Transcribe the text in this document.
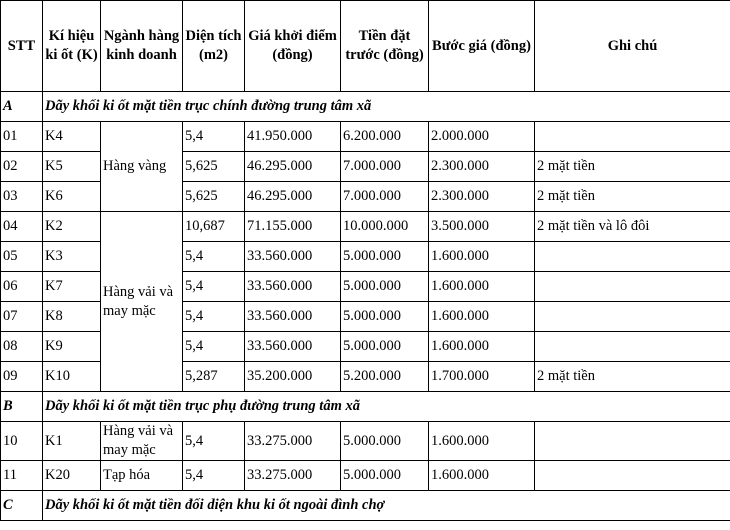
STT	Kí hiệu ki ốt (K)	Ngành hàng kinh doanh	Diện tích (m2)	Giá khởi điểm (đồng)	Tiền đặt trước (đồng)	Bước giá (đồng)	Ghi chú
A	Dãy khối ki ốt mặt tiền trục chính đường trung tâm xã						
01	K4	Hàng vàng	5,4	41.950.000	6.200.000	2.000.000	
02	K5		5,625	46.295.000	7.000.000	2.300.000	2 mặt tiền
03	K6		5,625	46.295.000	7.000.000	2.300.000	2 mặt tiền
04	K2	Hàng vải và may mặc	10,687	71.155.000	10.000.000	3.500.000	2 mặt tiền và lô đôi
05	K3		5,4	33.560.000	5.000.000	1.600.000	
06	K7		5,4	33.560.000	5.000.000	1.600.000	
07	K8		5,4	33.560.000	5.000.000	1.600.000	
08	K9		5,4	33.560.000	5.000.000	1.600.000	
09	K10		5,287	35.200.000	5.200.000	1.700.000	2 mặt tiền
B	Dãy khối ki ốt mặt tiền trục phụ đường trung tâm xã						
10	K1	Hàng vải và may mặc	5,4	33.275.000	5.000.000	1.600.000	
11	K20	Tạp hóa	5,4	33.275.000	5.000.000	1.600.000	
C	Dãy khối ki ốt mặt tiền đối diện khu ki ốt ngoài đình chợ						
